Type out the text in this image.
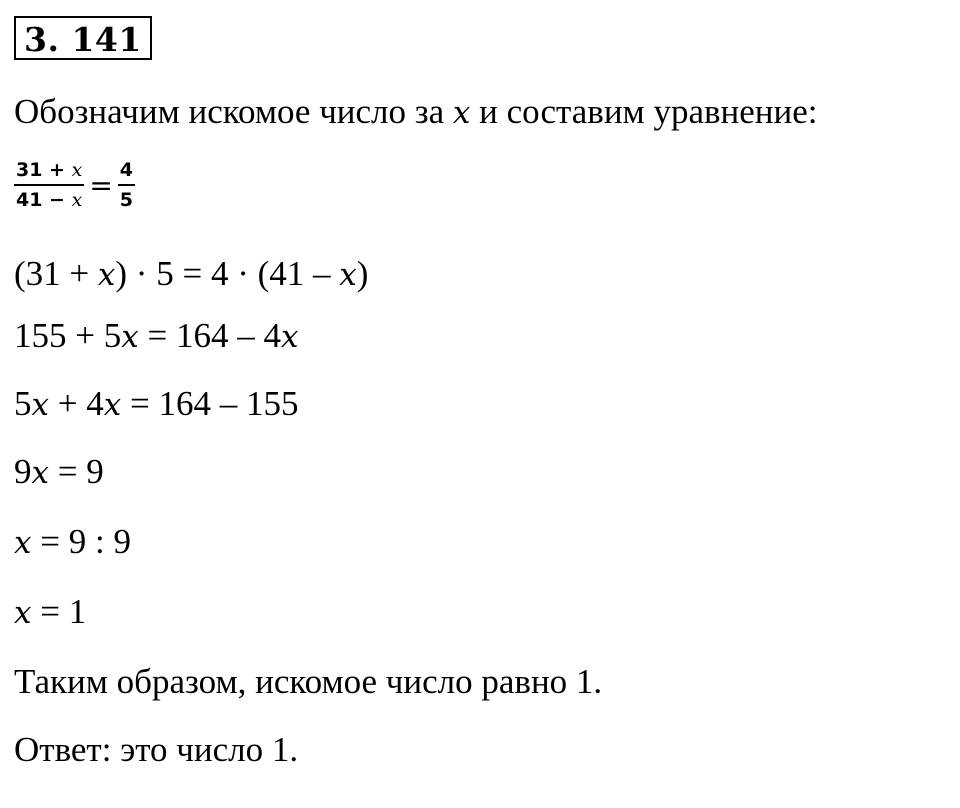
3. 141
Обозначим искомое число за x и составим уравнение:
$\frac{31 + x}{41 - x} = \frac{4}{5}$
(31 + x) · 5 = 4 · (41 – x)
155 + 5x = 164 – 4x
5x + 4x = 164 – 155
9x = 9
x = 9 : 9
x = 1
Таким образом, искомое число равно 1.
Ответ: это число 1.
